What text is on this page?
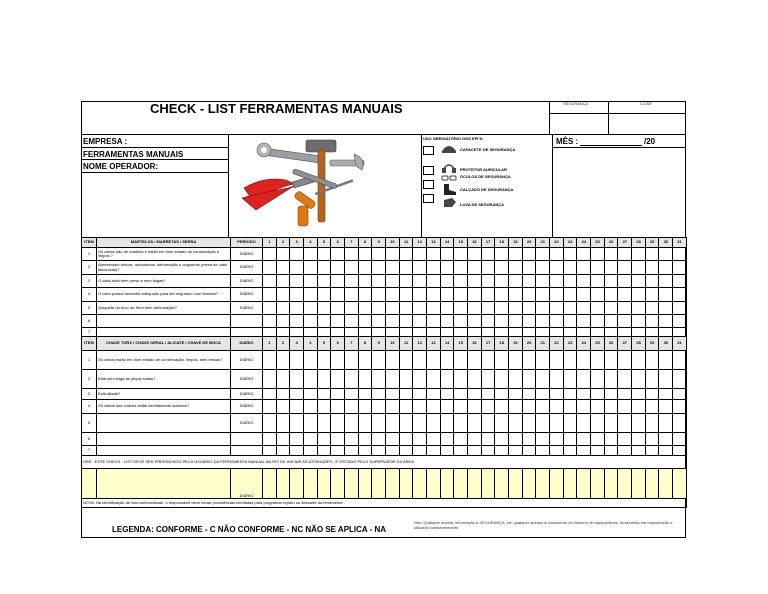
CHECK - LIST FERRAMENTAS MANUAIS	SEGURANÇA	CLIAR
EMPRESA :
FERRAMENTAS MANUAIS
NOME OPERADOR:
USO OBRIGATÓRIO DOS EPI'S:
CAPACETE DE SEGURANÇA
PROTETOR AURICULAR
ÓCULOS DE SEGURANÇA
CALÇADO DE SEGURANÇA
LUVA DE SEGURANÇA
MÊS :	/20
ITEM	MARTELOS / MARRETAS / SERRA	PERÍODO	1	2	3	4	5	6	7	8	9	10	11	12	13	14	15	16	17	18	19	20	21	22	23	24	25	26	27	28	29	30	31
1	Os cabos são de madeira e estão em bom estado de conservação e limpos ?	DIÁRIO																															
2	Apresentam trincas, rachaduras, deformação e cegueiras (mesa de cabo lascuosas)?	DIÁRIO																															
3	O cabo está bem preso e sem folgas?	DIÁRIO																															
4	O cabo possui tamanho adequado para ser segurado com firmeza?	DIÁRIO																															
5	Quiqueta do Arco de ferro sem deformação?	DIÁRIO																															
6																																	
7																																	
ITEM	CHAVE TORX / CHAVE GERAL / ALICATE / CHAVE DE BOCA	DIÁRIO	1	2	3	4	5	6	7	8	9	10	11	12	13	14	15	16	17	18	19	20	21	22	23	24	25	26	27	28	29	30	31
1	Os cabos estão em bom estado de conservação, limpos, sem trincas?	DIÁRIO																															
2	Está sem folga as peças soltas?	DIÁRIO																															
3	Está afiada?	DIÁRIO																															
4	Os cabos das chaves estão devidamente isolados?	DIÁRIO																															
5		DIÁRIO																															
6																																	
7																																	
OBS : ESTE CHECK - LIST DEVE SER PREENCHIDO PELO USUÁRIO DA FERRAMENTA MANUAL ANTES DE INICIAR AS ATIVIDADES , E VISTADO PELO SUPERVISOR DA ÁREA.																																	
		DIÁRIO																															
NOTA: Na identificação de não conformidade, o responsável deve tomar providências imediatas para programar reparo ou descarte da ferramenta .																																	
LEGENDA: CONFORME - C NÃO CONFORME - NC NÃO SE APLICA - NA
Obs: Qualquer dúvida, informação à SEGURANÇA, em qualquer acesso à documento do Número do equipamento, ferramenta em manutenção e utilizado constantemente.
